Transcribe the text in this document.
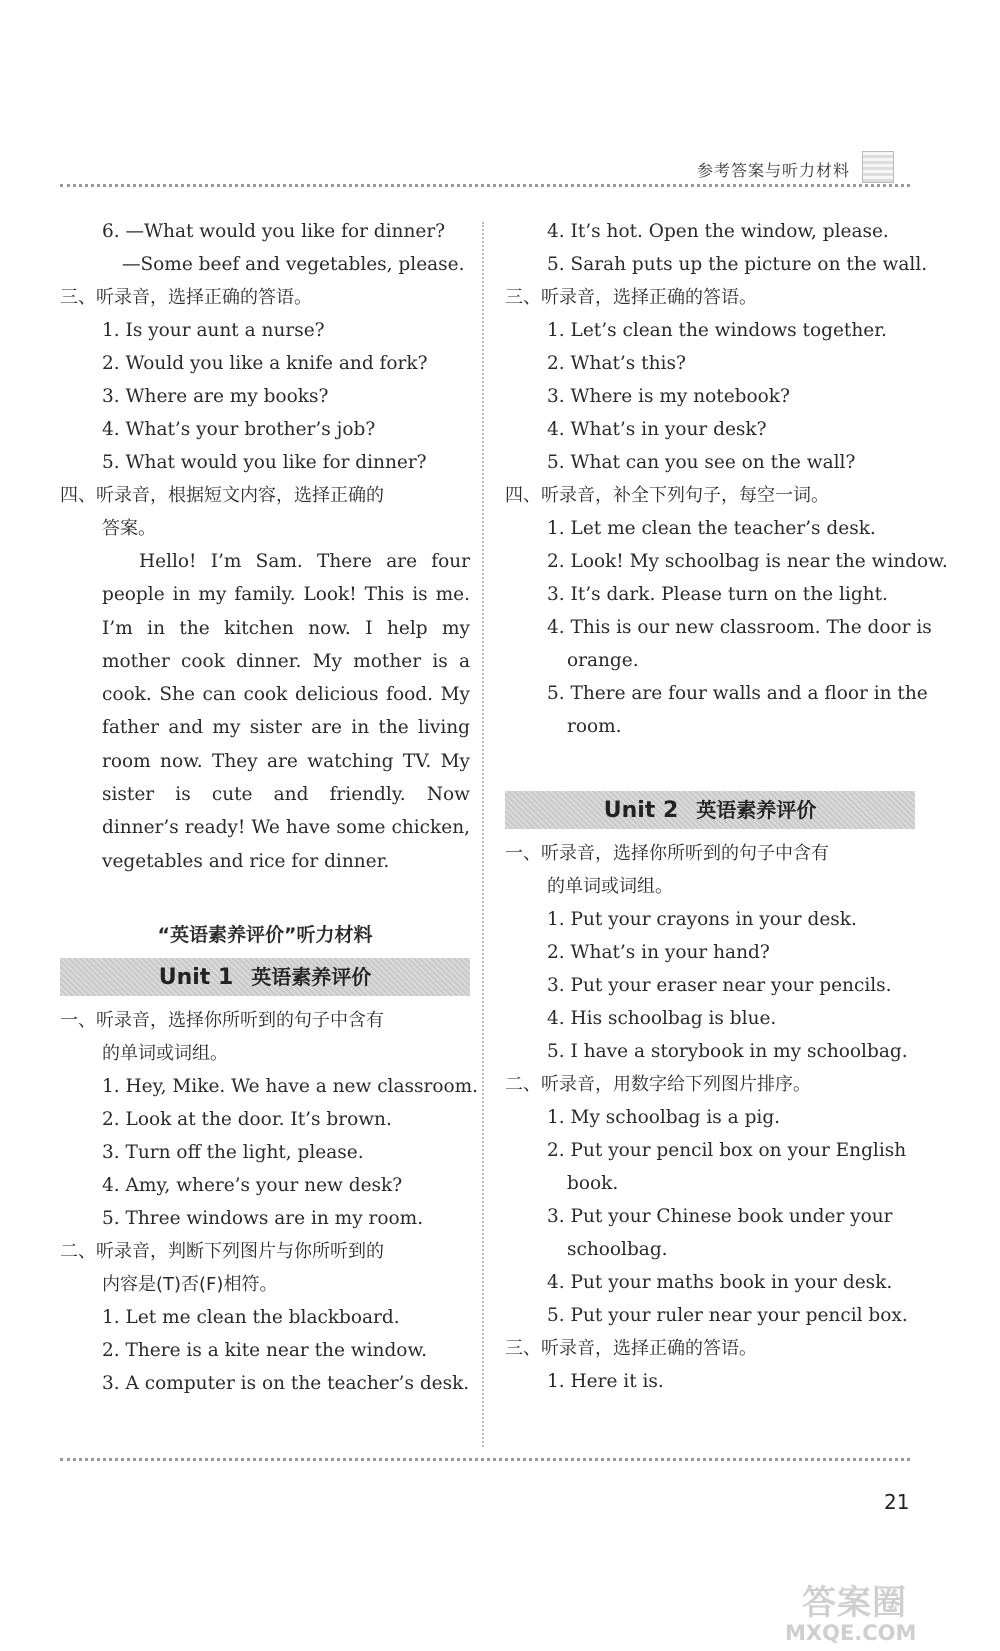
参考答案与听力材料
6. —What would you like for dinner?
—Some beef and vegetables, please.
三、听录音，选择正确的答语。
1. Is your aunt a nurse?
2. Would you like a knife and fork?
3. Where are my books?
4. What’s your brother’s job?
5. What would you like for dinner?
四、听录音，根据短文内容，选择正确的
答案。
Hello! I’m Sam. There are four people in my family. Look! This is me. I’m in the kitchen now. I help my mother cook dinner. My mother is a cook. She can cook delicious food. My father and my sister are in the living room now. They are watching TV. My sister is cute and friendly. Now dinner’s ready! We have some chicken, vegetables and rice for dinner.
“英语素养评价”听力材料
Unit 1 英语素养评价
一、听录音，选择你所听到的句子中含有
的单词或词组。
1. Hey, Mike. We have a new classroom.
2. Look at the door. It’s brown.
3. Turn off the light, please.
4. Amy, where’s your new desk?
5. Three windows are in my room.
二、听录音，判断下列图片与你所听到的
内容是(T)否(F)相符。
1. Let me clean the blackboard.
2. There is a kite near the window.
3. A computer is on the teacher’s desk.
4. It’s hot. Open the window, please.
5. Sarah puts up the picture on the wall.
三、听录音，选择正确的答语。
1. Let’s clean the windows together.
2. What’s this?
3. Where is my notebook?
4. What’s in your desk?
5. What can you see on the wall?
四、听录音，补全下列句子，每空一词。
1. Let me clean the teacher’s desk.
2. Look! My schoolbag is near the window.
3. It’s dark. Please turn on the light.
4. This is our new classroom. The door is
orange.
5. There are four walls and a floor in the
room.
Unit 2 英语素养评价
一、听录音，选择你所听到的句子中含有
的单词或词组。
1. Put your crayons in your desk.
2. What’s in your hand?
3. Put your eraser near your pencils.
4. His schoolbag is blue.
5. I have a storybook in my schoolbag.
二、听录音，用数字给下列图片排序。
1. My schoolbag is a pig.
2. Put your pencil box on your English
book.
3. Put your Chinese book under your
schoolbag.
4. Put your maths book in your desk.
5. Put your ruler near your pencil box.
三、听录音，选择正确的答语。
1. Here it is.
21
答案圈
MXQE.COM
